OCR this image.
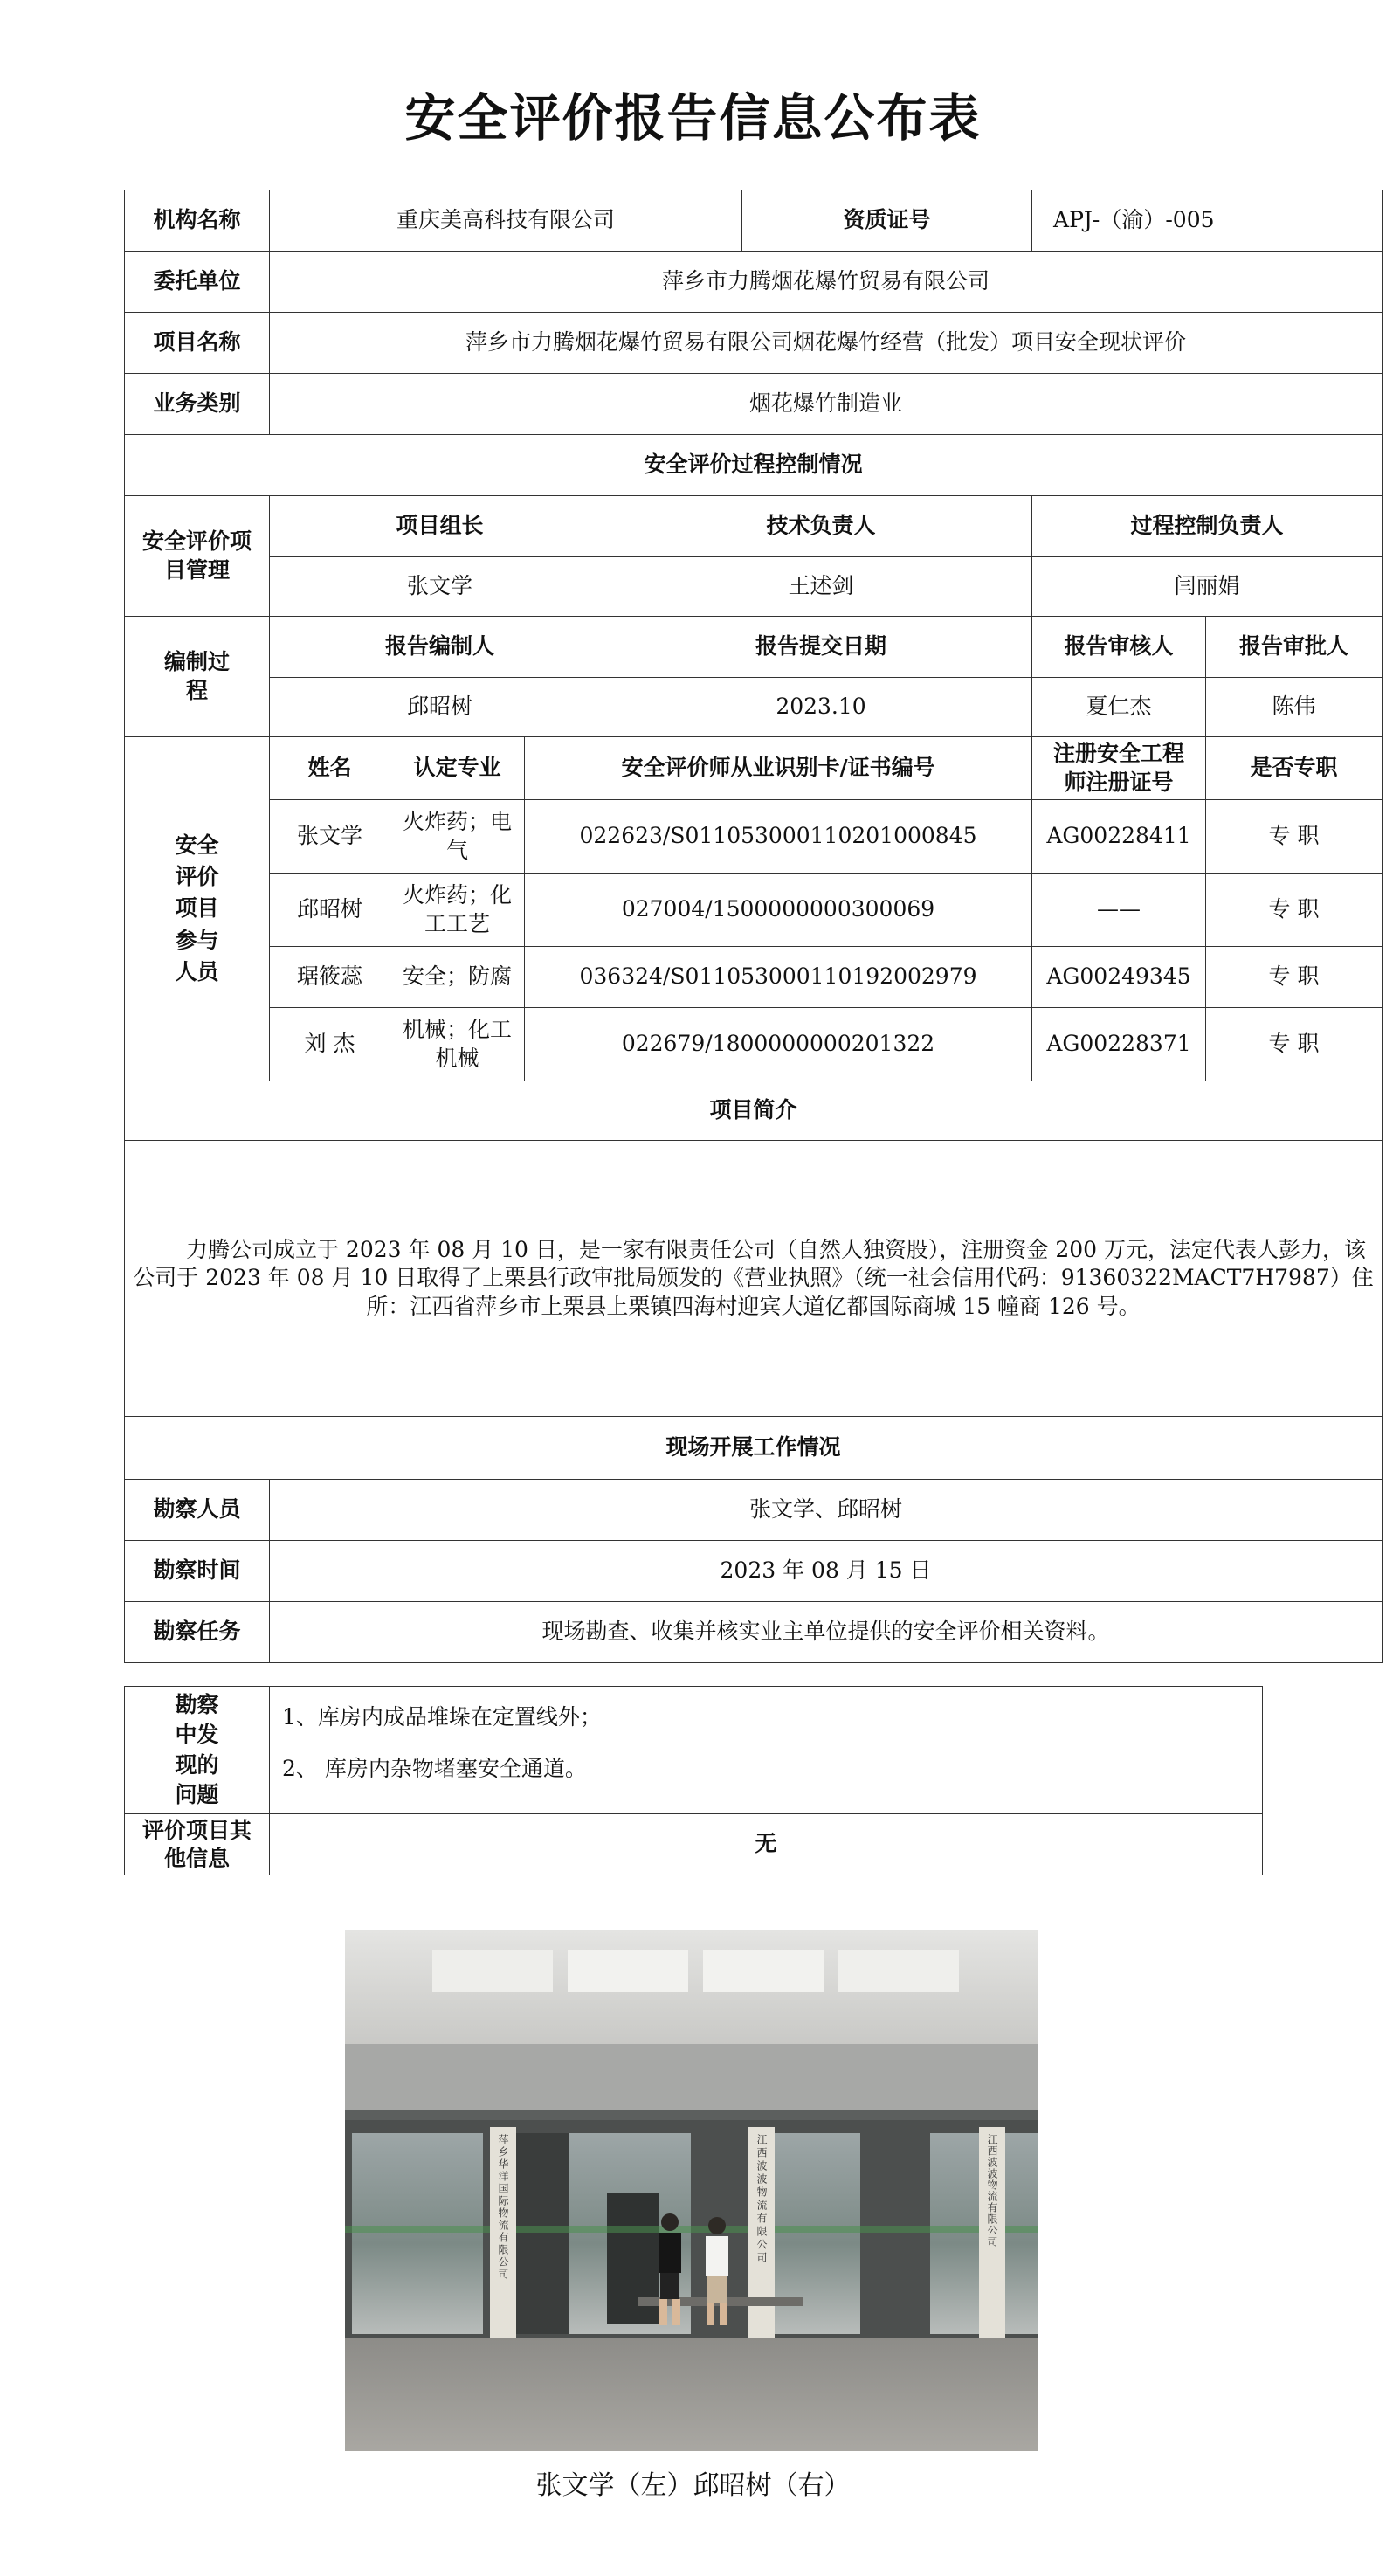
安全评价报告信息公布表
机构名称	重庆美高科技有限公司				资质证号	APJ-（渝）-005	
委托单位	萍乡市力腾烟花爆竹贸易有限公司						
项目名称	萍乡市力腾烟花爆竹贸易有限公司烟花爆竹经营（批发）项目安全现状评价						
业务类别	烟花爆竹制造业						
安全评价过程控制情况							
安全评价项目管理	项目组长			技术负责人		过程控制负责人	
	张文学			王述剑		闫丽娟	
编制过程	报告编制人			报告提交日期		报告审核人	报告审批人
	邱昭树			2023.10		夏仁杰	陈伟
安全评价项目参与人员	姓名	认定专业	安全评价师从业识别卡/证书编号			注册安全工程师注册证号	是否专职
	张文学	火炸药；电气	022623/S011053000110201000845			AG00228411	专 职
	邱昭树	火炸药；化工工艺	027004/1500000000300069			——	专 职
	琚筱蕊	安全；防腐	036324/S011053000110192002979			AG00249345	专 职
	刘 杰	机械；化工机械	022679/1800000000201322			AG00228371	专 职
项目简介							
力腾公司成立于 2023 年 08 月 10 日，是一家有限责任公司（自然人独资股），注册资金 200 万元，法定代表人彭力，该公司于 2023 年 08 月 10 日取得了上栗县行政审批局颁发的《营业执照》（统一社会信用代码：91360322MACT7H7987）住所：江西省萍乡市上栗县上栗镇四海村迎宾大道亿都国际商城 15 幢商 126 号。							
现场开展工作情况							
勘察人员	张文学、邱昭树						
勘察时间	2023 年 08 月 15 日						
勘察任务	现场勘查、收集并核实业主单位提供的安全评价相关资料。						
勘察中发现的问题	1、库房内成品堆垛在定置线外；
2、 库房内杂物堵塞安全通道。

评价项目其他信息	无
萍乡华洋国际物流有限公司	江西波波物流有限公司	江西波波物流有限公司
张文学（左）邱昭树（右）
